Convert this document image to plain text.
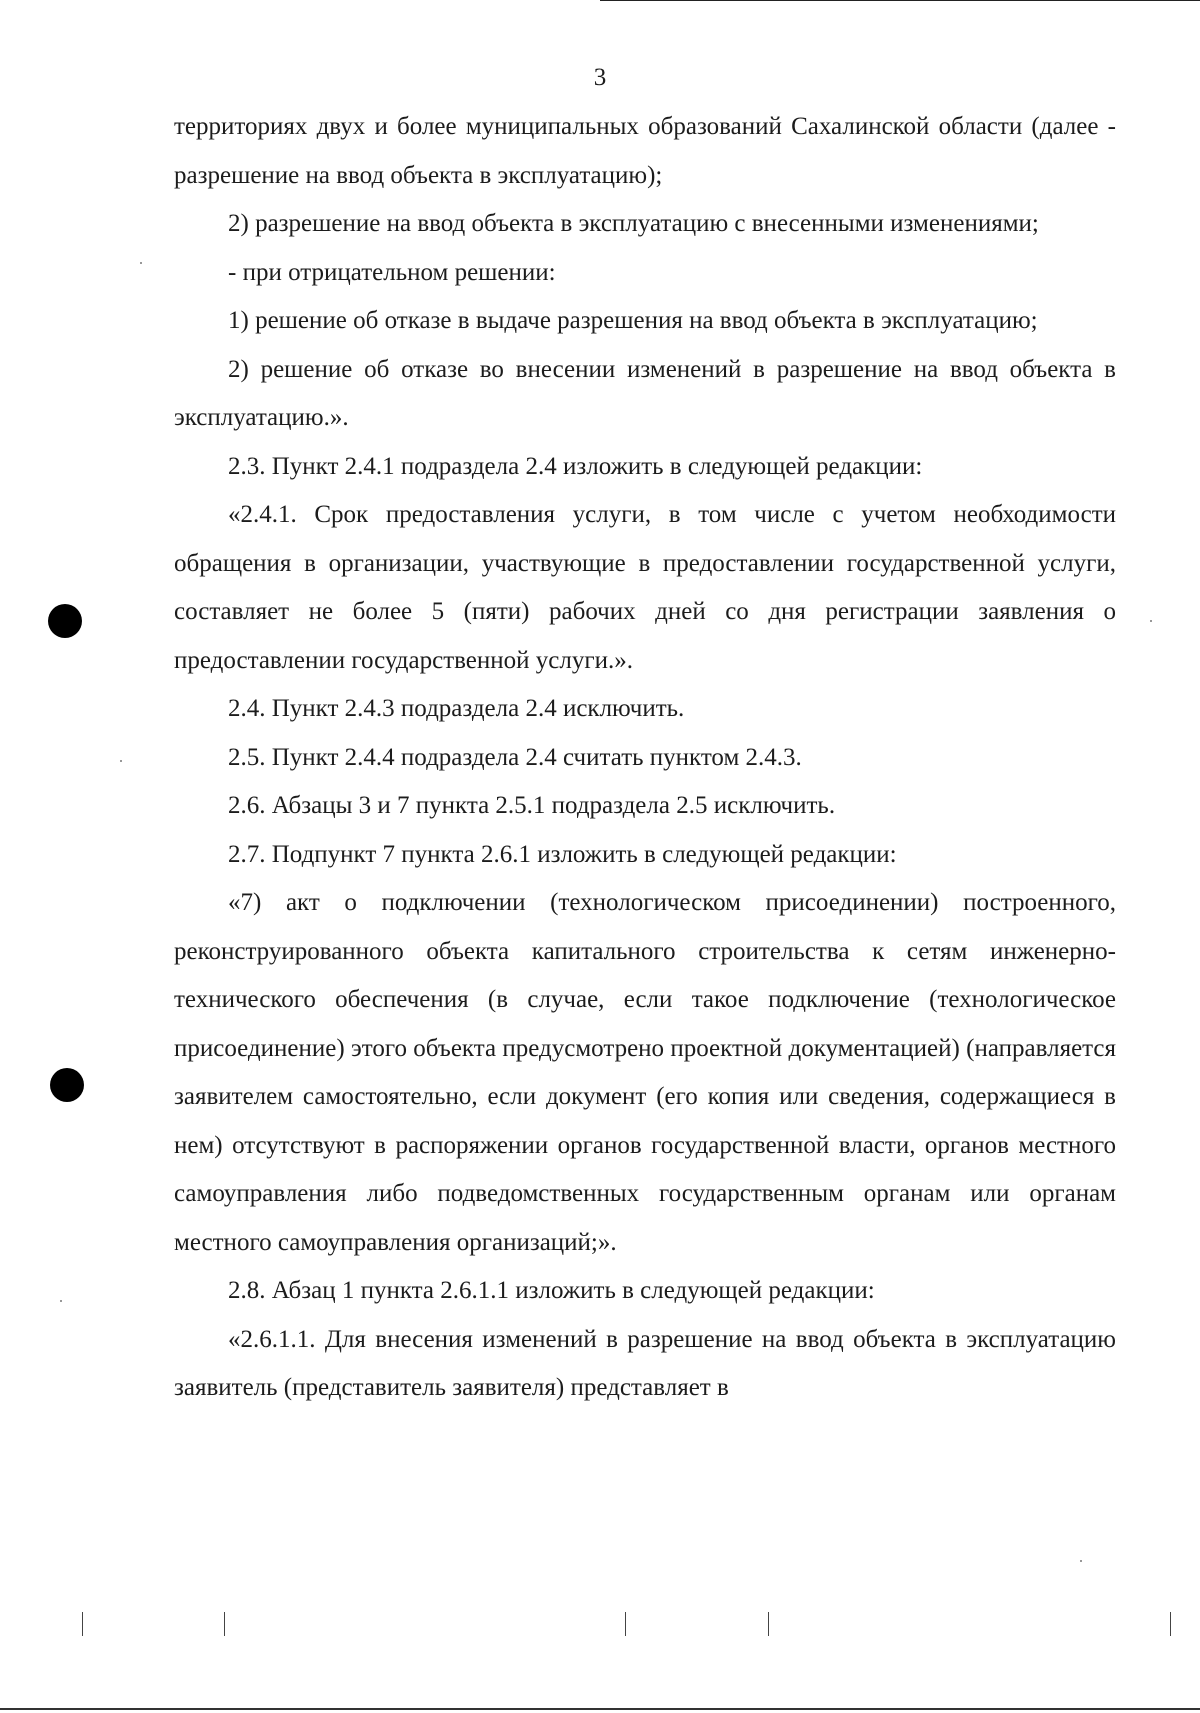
3

территориях двух и более муниципальных образований Сахалинской области (далее - разрешение на ввод объекта в эксплуатацию);

2) разрешение на ввод объекта в эксплуатацию с внесенными изменениями;

- при отрицательном решении:

1) решение об отказе в выдаче разрешения на ввод объекта в эксплуатацию;

2) решение об отказе во внесении изменений в разрешение на ввод объекта в эксплуатацию.».

2.3. Пункт 2.4.1 подраздела 2.4 изложить в следующей редакции:

«2.4.1. Срок предоставления услуги, в том числе с учетом необходимости обращения в организации, участвующие в предоставлении государственной услуги, составляет не более 5 (пяти) рабочих дней со дня регистрации заявления о предоставлении государственной услуги.».

2.4. Пункт 2.4.3 подраздела 2.4 исключить.

2.5. Пункт 2.4.4 подраздела 2.4 считать пунктом 2.4.3.

2.6. Абзацы 3 и 7 пункта 2.5.1 подраздела 2.5 исключить.

2.7. Подпункт 7 пункта 2.6.1 изложить в следующей редакции:

«7) акт о подключении (технологическом присоединении) построенного, реконструированного объекта капитального строительства к сетям инженерно-технического обеспечения (в случае, если такое подключение (технологическое присоединение) этого объекта предусмотрено проектной документацией) (направляется заявителем самостоятельно, если документ (его копия или сведения, содержащиеся в нем) отсутствуют в распоряжении органов государственной власти, органов местного самоуправления либо подведомственных государственным органам или органам местного самоуправления организаций;».

2.8. Абзац 1 пункта 2.6.1.1 изложить в следующей редакции:

«2.6.1.1. Для внесения изменений в разрешение на ввод объекта в эксплуатацию заявитель (представитель заявителя) представляет в
